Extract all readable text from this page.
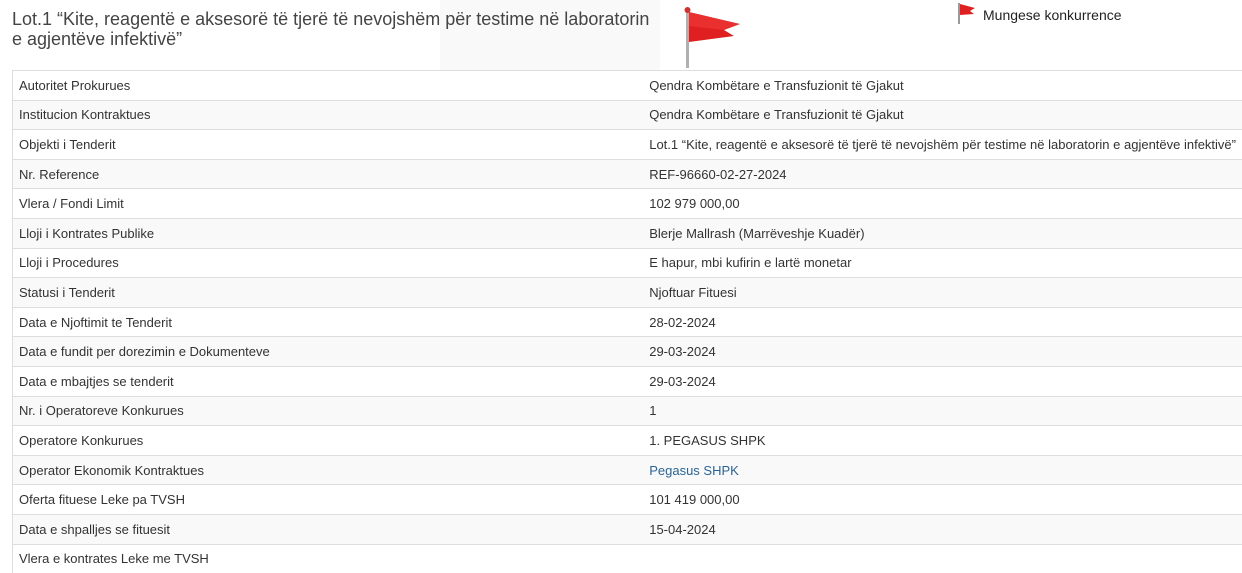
Lot.1 “Kite, reagentë e aksesorë të tjerë të nevojshëm për testime në laboratorin e agjentëve infektivë”
Mungese konkurrence
Autoritet Prokurues	Qendra Kombëtare e Transfuzionit të Gjakut
Institucion Kontraktues	Qendra Kombëtare e Transfuzionit të Gjakut
Objekti i Tenderit	Lot.1 “Kite, reagentë e aksesorë të tjerë të nevojshëm për testime në laboratorin e agjentëve infektivë”
Nr. Reference	REF-96660-02-27-2024
Vlera / Fondi Limit	102 979 000,00
Lloji i Kontrates Publike	Blerje Mallrash (Marrëveshje Kuadër)
Lloji i Procedures	E hapur, mbi kufirin e lartë monetar
Statusi i Tenderit	Njoftuar Fituesi
Data e Njoftimit te Tenderit	28-02-2024
Data e fundit per dorezimin e Dokumenteve	29-03-2024
Data e mbajtjes se tenderit	29-03-2024
Nr. i Operatoreve Konkurues	1
Operatore Konkurues	1. PEGASUS SHPK
Operator Ekonomik Kontraktues	Pegasus SHPK
Oferta fituese Leke pa TVSH	101 419 000,00
Data e shpalljes se fituesit	15-04-2024
Vlera e kontrates Leke me TVSH	
